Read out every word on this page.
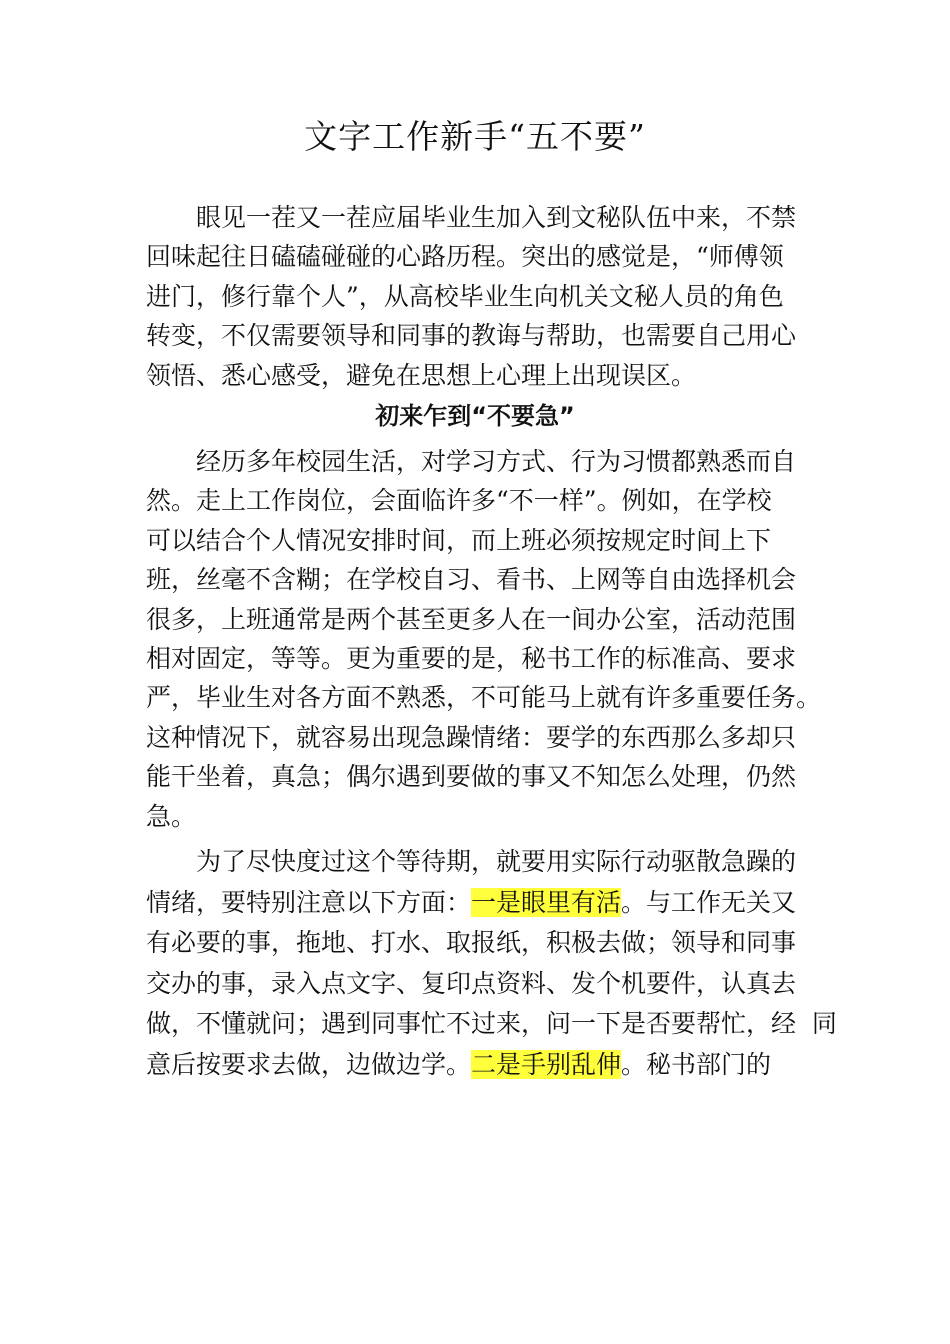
文字工作新手“五不要”
眼见一茬又一茬应届毕业生加入到文秘队伍中来，不禁
回味起往日磕磕碰碰的心路历程。突出的感觉是，“师傅领
进门，修行靠个人”，从高校毕业生向机关文秘人员的角色
转变，不仅需要领导和同事的教诲与帮助，也需要自己用心
领悟、悉心感受，避免在思想上心理上出现误区。
初来乍到“不要急”
经历多年校园生活，对学习方式、行为习惯都熟悉而自
然。走上工作岗位，会面临许多“不一样”。例如，在学校
可以结合个人情况安排时间，而上班必须按规定时间上下
班，丝毫不含糊；在学校自习、看书、上网等自由选择机会
很多，上班通常是两个甚至更多人在一间办公室，活动范围
相对固定，等等。更为重要的是，秘书工作的标准高、要求
严，毕业生对各方面不熟悉，不可能马上就有许多重要任务。
这种情况下，就容易出现急躁情绪：要学的东西那么多却只
能干坐着，真急；偶尔遇到要做的事又不知怎么处理，仍然
急。
为了尽快度过这个等待期，就要用实际行动驱散急躁的
情绪，要特别注意以下方面：一是眼里有活。与工作无关又
有必要的事，拖地、打水、取报纸，积极去做；领导和同事
交办的事，录入点文字、复印点资料、发个机要件，认真去
做，不懂就问；遇到同事忙不过来，问一下是否要帮忙，经  同
意后按要求去做，边做边学。二是手别乱伸。秘书部门的
